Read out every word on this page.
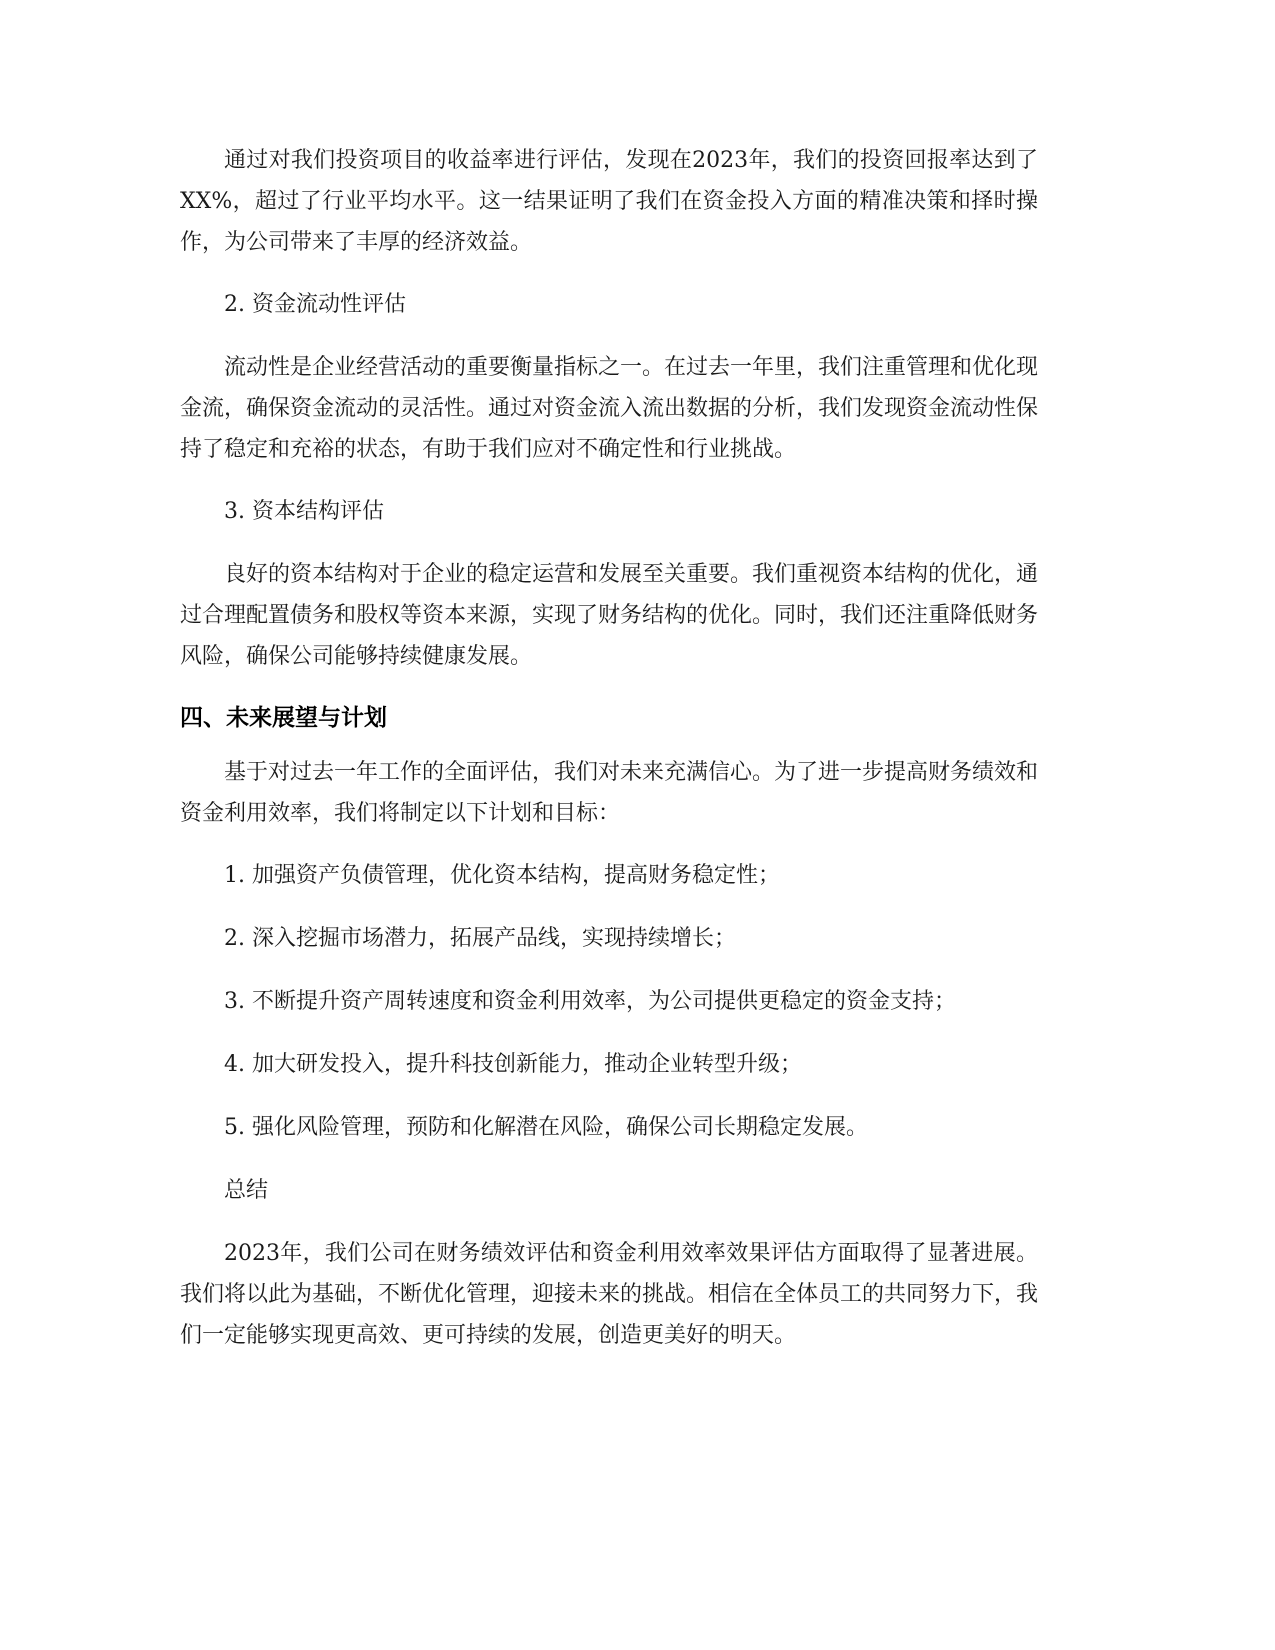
通过对我们投资项目的收益率进行评估，发现在2023年，我们的投资回报率达到了XX%，超过了行业平均水平。这一结果证明了我们在资金投入方面的精准决策和择时操作，为公司带来了丰厚的经济效益。

2. 资金流动性评估

流动性是企业经营活动的重要衡量指标之一。在过去一年里，我们注重管理和优化现金流，确保资金流动的灵活性。通过对资金流入流出数据的分析，我们发现资金流动性保持了稳定和充裕的状态，有助于我们应对不确定性和行业挑战。

3. 资本结构评估

良好的资本结构对于企业的稳定运营和发展至关重要。我们重视资本结构的优化，通过合理配置债务和股权等资本来源，实现了财务结构的优化。同时，我们还注重降低财务风险，确保公司能够持续健康发展。

四、未来展望与计划

基于对过去一年工作的全面评估，我们对未来充满信心。为了进一步提高财务绩效和资金利用效率，我们将制定以下计划和目标：

1. 加强资产负债管理，优化资本结构，提高财务稳定性；

2. 深入挖掘市场潜力，拓展产品线，实现持续增长；

3. 不断提升资产周转速度和资金利用效率，为公司提供更稳定的资金支持；

4. 加大研发投入，提升科技创新能力，推动企业转型升级；

5. 强化风险管理，预防和化解潜在风险，确保公司长期稳定发展。

总结

2023年，我们公司在财务绩效评估和资金利用效率效果评估方面取得了显著进展。我们将以此为基础，不断优化管理，迎接未来的挑战。相信在全体员工的共同努力下，我们一定能够实现更高效、更可持续的发展，创造更美好的明天。
